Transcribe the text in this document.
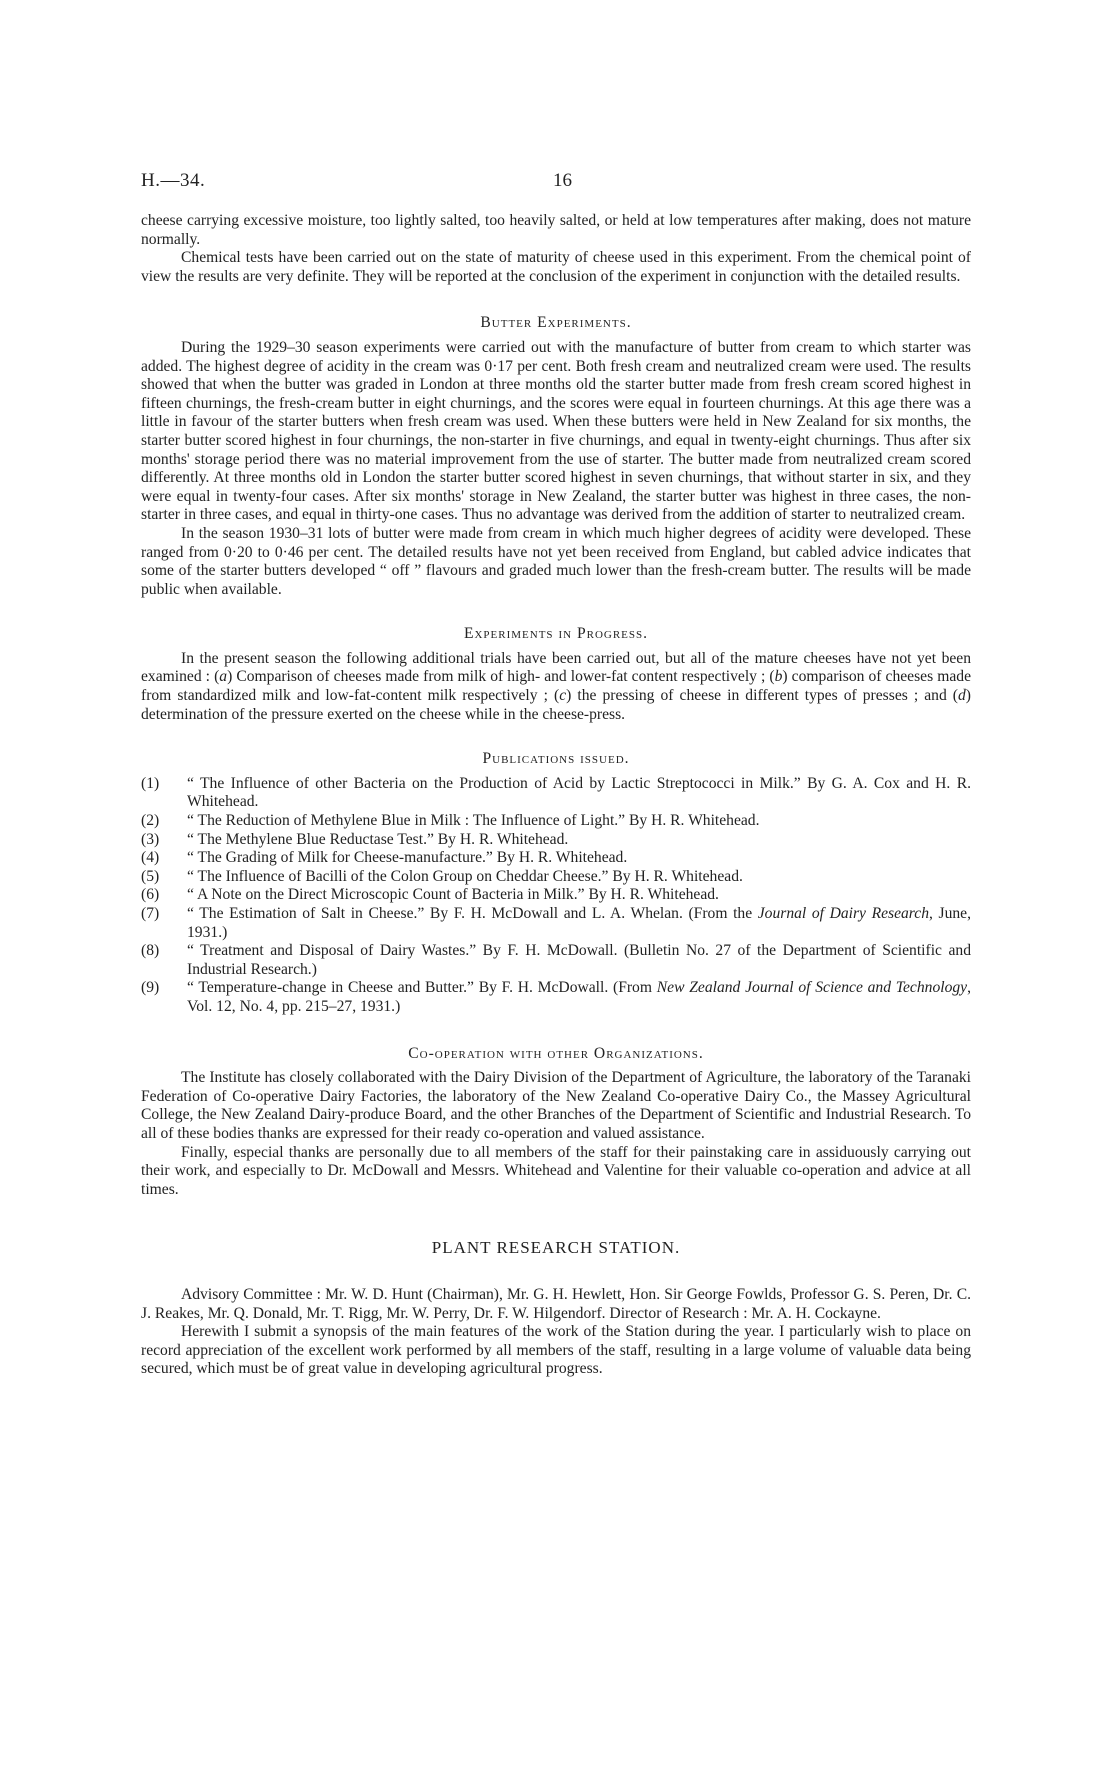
H.—34.	16

cheese carrying excessive moisture, too lightly salted, too heavily salted, or held at low temperatures after making, does not mature normally.

Chemical tests have been carried out on the state of maturity of cheese used in this experiment. From the chemical point of view the results are very definite. They will be reported at the conclusion of the experiment in conjunction with the detailed results.

Butter Experiments.

During the 1929–30 season experiments were carried out with the manufacture of butter from cream to which starter was added. The highest degree of acidity in the cream was 0·17 per cent. Both fresh cream and neutralized cream were used. The results showed that when the butter was graded in London at three months old the starter butter made from fresh cream scored highest in fifteen churnings, the fresh-cream butter in eight churnings, and the scores were equal in fourteen churnings. At this age there was a little in favour of the starter butters when fresh cream was used. When these butters were held in New Zealand for six months, the starter butter scored highest in four churnings, the non-starter in five churnings, and equal in twenty-eight churnings. Thus after six months' storage period there was no material improvement from the use of starter. The butter made from neutralized cream scored differently. At three months old in London the starter butter scored highest in seven churnings, that without starter in six, and they were equal in twenty-four cases. After six months' storage in New Zealand, the starter butter was highest in three cases, the non-starter in three cases, and equal in thirty-one cases. Thus no advantage was derived from the addition of starter to neutralized cream.

In the season 1930–31 lots of butter were made from cream in which much higher degrees of acidity were developed. These ranged from 0·20 to 0·46 per cent. The detailed results have not yet been received from England, but cabled advice indicates that some of the starter butters developed “ off ” flavours and graded much lower than the fresh-cream butter. The results will be made public when available.

Experiments in Progress.

In the present season the following additional trials have been carried out, but all of the mature cheeses have not yet been examined : (a) Comparison of cheeses made from milk of high- and lower-fat content respectively ; (b) comparison of cheeses made from standardized milk and low-fat-content milk respectively ; (c) the pressing of cheese in different types of presses ; and (d) determination of the pressure exerted on the cheese while in the cheese-press.

Publications issued.
(1) “ The Influence of other Bacteria on the Production of Acid by Lactic Streptococci in Milk.” By G. A. Cox and H. R. Whitehead.
(2) “ The Reduction of Methylene Blue in Milk : The Influence of Light.” By H. R. Whitehead.
(3) “ The Methylene Blue Reductase Test.” By H. R. Whitehead.
(4) “ The Grading of Milk for Cheese-manufacture.” By H. R. Whitehead.
(5) “ The Influence of Bacilli of the Colon Group on Cheddar Cheese.” By H. R. Whitehead.
(6) “ A Note on the Direct Microscopic Count of Bacteria in Milk.” By H. R. Whitehead.
(7) “ The Estimation of Salt in Cheese.” By F. H. McDowall and L. A. Whelan. (From the Journal of Dairy Research, June, 1931.)
(8) “ Treatment and Disposal of Dairy Wastes.” By F. H. McDowall. (Bulletin No. 27 of the Department of Scientific and Industrial Research.)
(9) “ Temperature-change in Cheese and Butter.” By F. H. McDowall. (From New Zealand Journal of Science and Technology, Vol. 12, No. 4, pp. 215–27, 1931.)
Co-operation with other Organizations.

The Institute has closely collaborated with the Dairy Division of the Department of Agriculture, the laboratory of the Taranaki Federation of Co-operative Dairy Factories, the laboratory of the New Zealand Co-operative Dairy Co., the Massey Agricultural College, the New Zealand Dairy-produce Board, and the other Branches of the Department of Scientific and Industrial Research. To all of these bodies thanks are expressed for their ready co-operation and valued assistance.

Finally, especial thanks are personally due to all members of the staff for their painstaking care in assiduously carrying out their work, and especially to Dr. McDowall and Messrs. Whitehead and Valentine for their valuable co-operation and advice at all times.

PLANT RESEARCH STATION.

Advisory Committee : Mr. W. D. Hunt (Chairman), Mr. G. H. Hewlett, Hon. Sir George Fowlds, Professor G. S. Peren, Dr. C. J. Reakes, Mr. Q. Donald, Mr. T. Rigg, Mr. W. Perry, Dr. F. W. Hilgendorf. Director of Research : Mr. A. H. Cockayne.

Herewith I submit a synopsis of the main features of the work of the Station during the year. I particularly wish to place on record appreciation of the excellent work performed by all members of the staff, resulting in a large volume of valuable data being secured, which must be of great value in developing agricultural progress.
